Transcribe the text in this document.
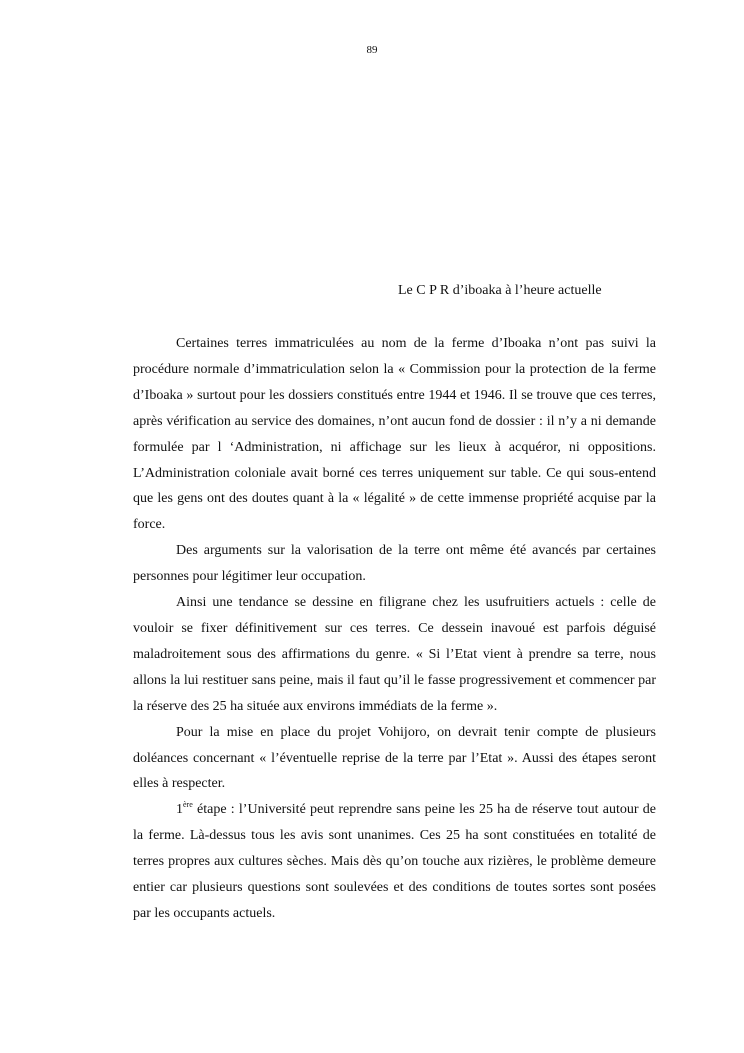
89
Le C P R d’iboaka à l’heure actuelle

Certaines terres immatriculées au nom de la ferme d’Iboaka n’ont pas suivi la procédure normale d’immatriculation selon la « Commission pour la protection de la ferme d’Iboaka » surtout pour les dossiers constitués entre 1944 et 1946. Il se trouve que ces terres, après vérification au service des domaines, n’ont aucun fond de dossier : il n’y a ni demande formulée par l ‘Administration, ni affichage sur les lieux à acquéror, ni oppositions. L’Administration coloniale avait borné ces terres uniquement sur table. Ce qui sous-entend que les gens ont des doutes quant à la « légalité » de cette immense propriété acquise par la force.

Des arguments sur la valorisation de la terre ont même été avancés par certaines personnes pour légitimer leur occupation.

Ainsi une tendance se dessine en filigrane chez les usufruitiers actuels : celle de vouloir se fixer définitivement sur ces terres. Ce dessein inavoué est parfois déguisé maladroitement sous des affirmations du genre. « Si l’Etat vient à prendre sa terre, nous allons la lui restituer sans peine, mais il faut qu’il le fasse progressivement et commencer par la réserve des 25 ha située aux environs immédiats de la ferme ».

Pour la mise en place du projet Vohijoro, on devrait tenir compte de plusieurs doléances concernant « l’éventuelle reprise de la terre par l’Etat ». Aussi des étapes seront elles à respecter.

1ère étape : l’Université peut reprendre sans peine les 25 ha de réserve tout autour de la ferme. Là-dessus tous les avis sont unanimes. Ces 25 ha sont constituées en totalité de terres propres aux cultures sèches. Mais dès qu’on touche aux rizières, le problème demeure entier car plusieurs questions sont soulevées et des conditions de toutes sortes sont posées par les occupants actuels.
